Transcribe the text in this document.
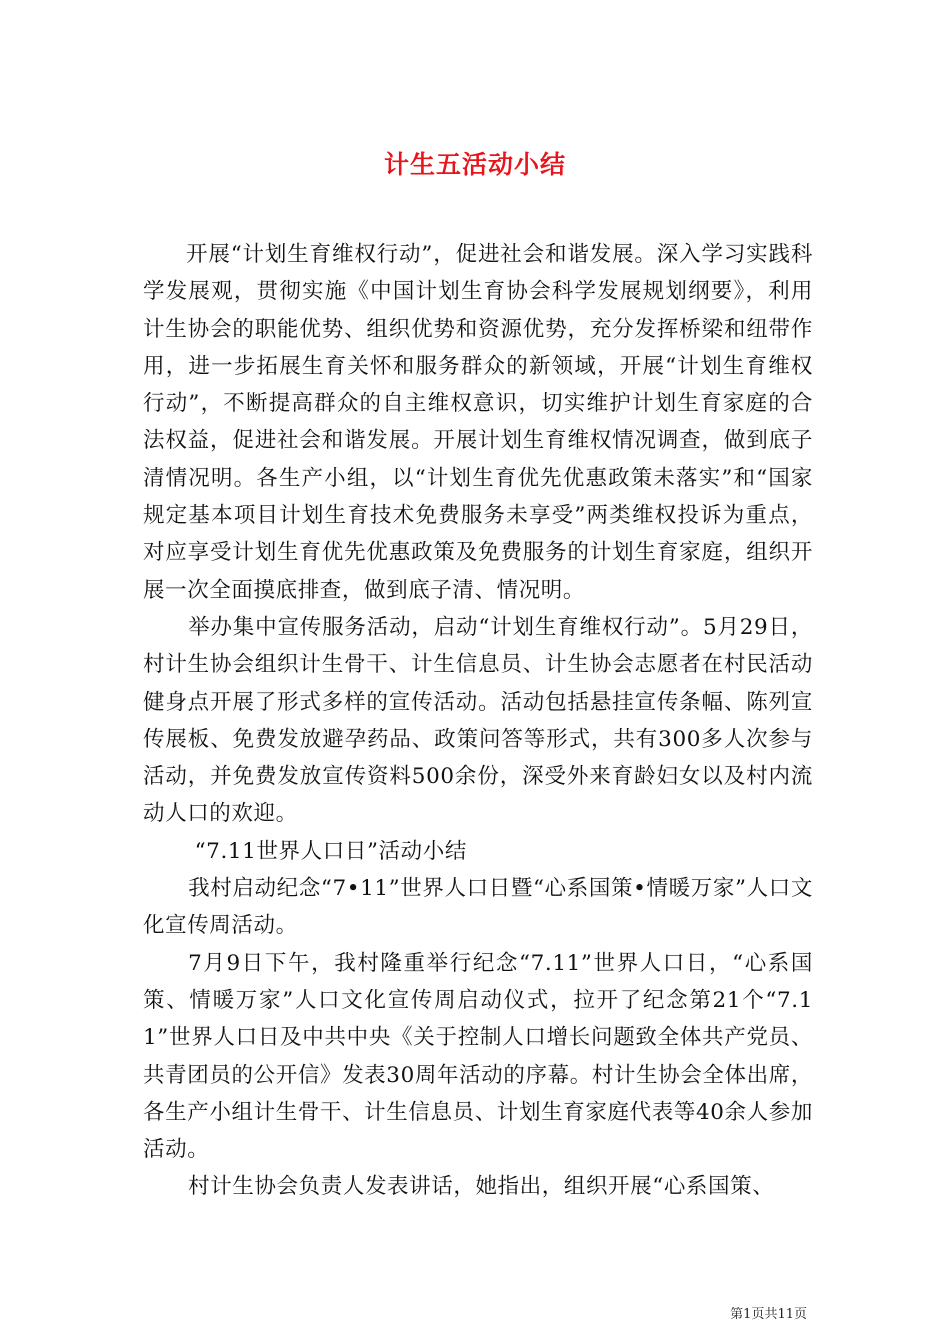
计生五活动小结

开展“计划生育维权行动”，促进社会和谐发展。深入学习实践科学发展观，贯彻实施《中国计划生育协会科学发展规划纲要》，利用计生协会的职能优势、组织优势和资源优势，充分发挥桥梁和纽带作用，进一步拓展生育关怀和服务群众的新领域，开展“计划生育维权行动”，不断提高群众的自主维权意识，切实维护计划生育家庭的合法权益，促进社会和谐发展。开展计划生育维权情况调查，做到底子清情况明。各生产小组，以“计划生育优先优惠政策未落实”和“国家规定基本项目计划生育技术免费服务未享受”两类维权投诉为重点，对应享受计划生育优先优惠政策及免费服务的计划生育家庭，组织开展一次全面摸底排查，做到底子清、情况明。

举办集中宣传服务活动，启动“计划生育维权行动”。5月29日，村计生协会组织计生骨干、计生信息员、计生协会志愿者在村民活动健身点开展了形式多样的宣传活动。活动包括悬挂宣传条幅、陈列宣传展板、免费发放避孕药品、政策问答等形式，共有300多人次参与活动，并免费发放宣传资料500余份，深受外来育龄妇女以及村内流动人口的欢迎。

“7.11世界人口日”活动小结

我村启动纪念“7•11”世界人口日暨“心系国策•情暖万家”人口文化宣传周活动。

7月9日下午，我村隆重举行纪念“7.11”世界人口日，“心系国策、情暖万家”人口文化宣传周启动仪式，拉开了纪念第21个“7.11”世界人口日及中共中央《关于控制人口增长问题致全体共产党员、共青团员的公开信》发表30周年活动的序幕。村计生协会全体出席，各生产小组计生骨干、计生信息员、计划生育家庭代表等40余人参加活动。

村计生协会负责人发表讲话，她指出，组织开展“心系国策、

第1页共11页
